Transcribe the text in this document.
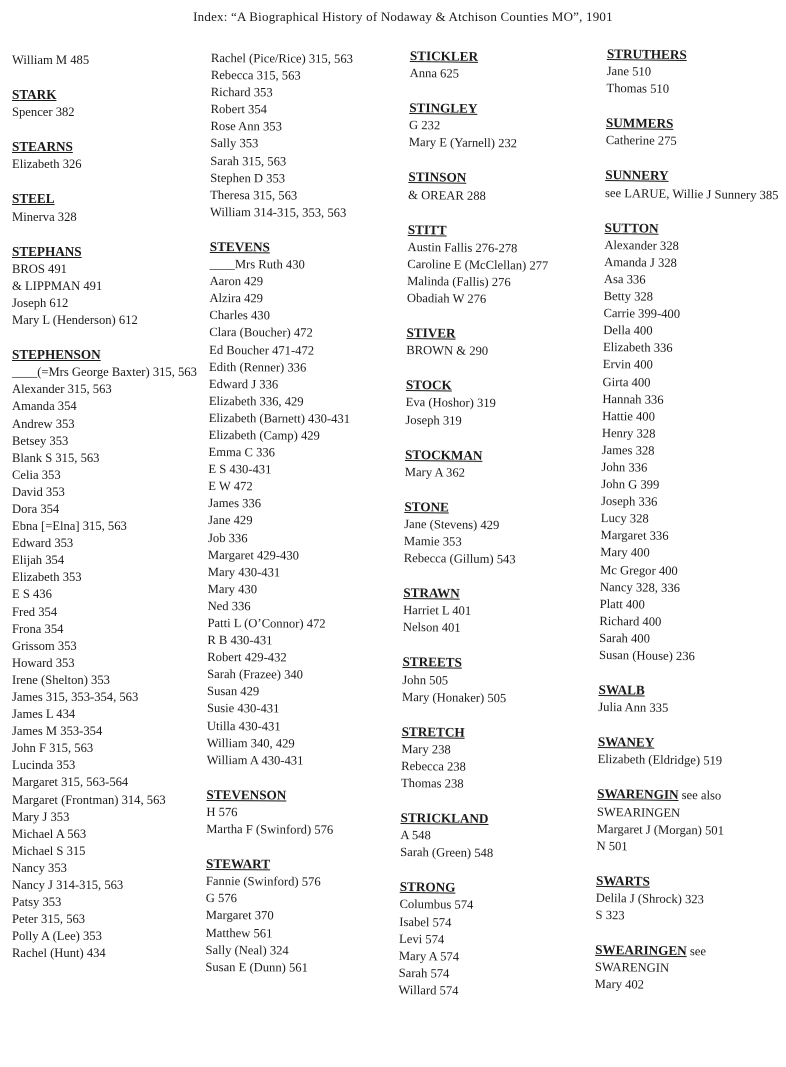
Index: “A Biographical History of Nodaway & Atchison Counties MO”, 1901
William M 485
STARK
Spencer 382
STEARNS
Elizabeth 326
STEEL
Minerva 328
STEPHANS
BROS 491
& LIPPMAN 491
Joseph 612
Mary L (Henderson) 612
STEPHENSON
____(=Mrs George Baxter) 315, 563
Alexander 315, 563
Amanda 354
Andrew 353
Betsey 353
Blank S 315, 563
Celia 353
David 353
Dora 354
Ebna [=Elna] 315, 563
Edward 353
Elijah 354
Elizabeth 353
E S 436
Fred 354
Frona 354
Grissom 353
Howard 353
Irene (Shelton) 353
James 315, 353-354, 563
James L 434
James M 353-354
John F 315, 563
Lucinda 353
Margaret 315, 563-564
Margaret (Frontman) 314, 563
Mary J 353
Michael A 563
Michael S 315
Nancy 353
Nancy J 314-315, 563
Patsy 353
Peter 315, 563
Polly A (Lee) 353
Rachel (Hunt) 434
Rachel (Pice/Rice) 315, 563
Rebecca 315, 563
Richard 353
Robert 354
Rose Ann 353
Sally 353
Sarah 315, 563
Stephen D 353
Theresa 315, 563
William 314-315, 353, 563
STEVENS
____Mrs Ruth 430
Aaron 429
Alzira 429
Charles 430
Clara (Boucher) 472
Ed Boucher 471-472
Edith (Renner) 336
Edward J 336
Elizabeth 336, 429
Elizabeth (Barnett) 430-431
Elizabeth (Camp) 429
Emma C 336
E S 430-431
E W 472
James 336
Jane 429
Job 336
Margaret 429-430
Mary 430-431
Mary 430
Ned 336
Patti L (O’Connor) 472
R B 430-431
Robert 429-432
Sarah (Frazee) 340
Susan 429
Susie 430-431
Utilla 430-431
William 340, 429
William A 430-431
STEVENSON
H 576
Martha F (Swinford) 576
STEWART
Fannie (Swinford) 576
G 576
Margaret 370
Matthew 561
Sally (Neal) 324
Susan E (Dunn) 561
STICKLER
Anna 625
STINGLEY
G 232
Mary E (Yarnell) 232
STINSON
& OREAR 288
STITT
Austin Fallis 276-278
Caroline E (McClellan) 277
Malinda (Fallis) 276
Obadiah W 276
STIVER
BROWN & 290
STOCK
Eva (Hoshor) 319
Joseph 319
STOCKMAN
Mary A 362
STONE
Jane (Stevens) 429
Mamie 353
Rebecca (Gillum) 543
STRAWN
Harriet L 401
Nelson 401
STREETS
John 505
Mary (Honaker) 505
STRETCH
Mary 238
Rebecca 238
Thomas 238
STRICKLAND
A 548
Sarah (Green) 548
STRONG
Columbus 574
Isabel 574
Levi 574
Mary A 574
Sarah 574
Willard 574
STRUTHERS
Jane 510
Thomas 510
SUMMERS
Catherine 275
SUNNERY
see LARUE, Willie J Sunnery 385
SUTTON
Alexander 328
Amanda J 328
Asa 336
Betty 328
Carrie 399-400
Della 400
Elizabeth 336
Ervin 400
Girta 400
Hannah 336
Hattie 400
Henry 328
James 328
John 336
John G 399
Joseph 336
Lucy 328
Margaret 336
Mary 400
Mc Gregor 400
Nancy 328, 336
Platt 400
Richard 400
Sarah 400
Susan (House) 236
SWALB
Julia Ann 335
SWANEY
Elizabeth (Eldridge) 519
SWARENGIN see also
SWEARINGEN
Margaret J (Morgan) 501
N 501
SWARTS
Delila J (Shrock) 323
S 323
SWEARINGEN see
SWARENGIN
Mary 402
